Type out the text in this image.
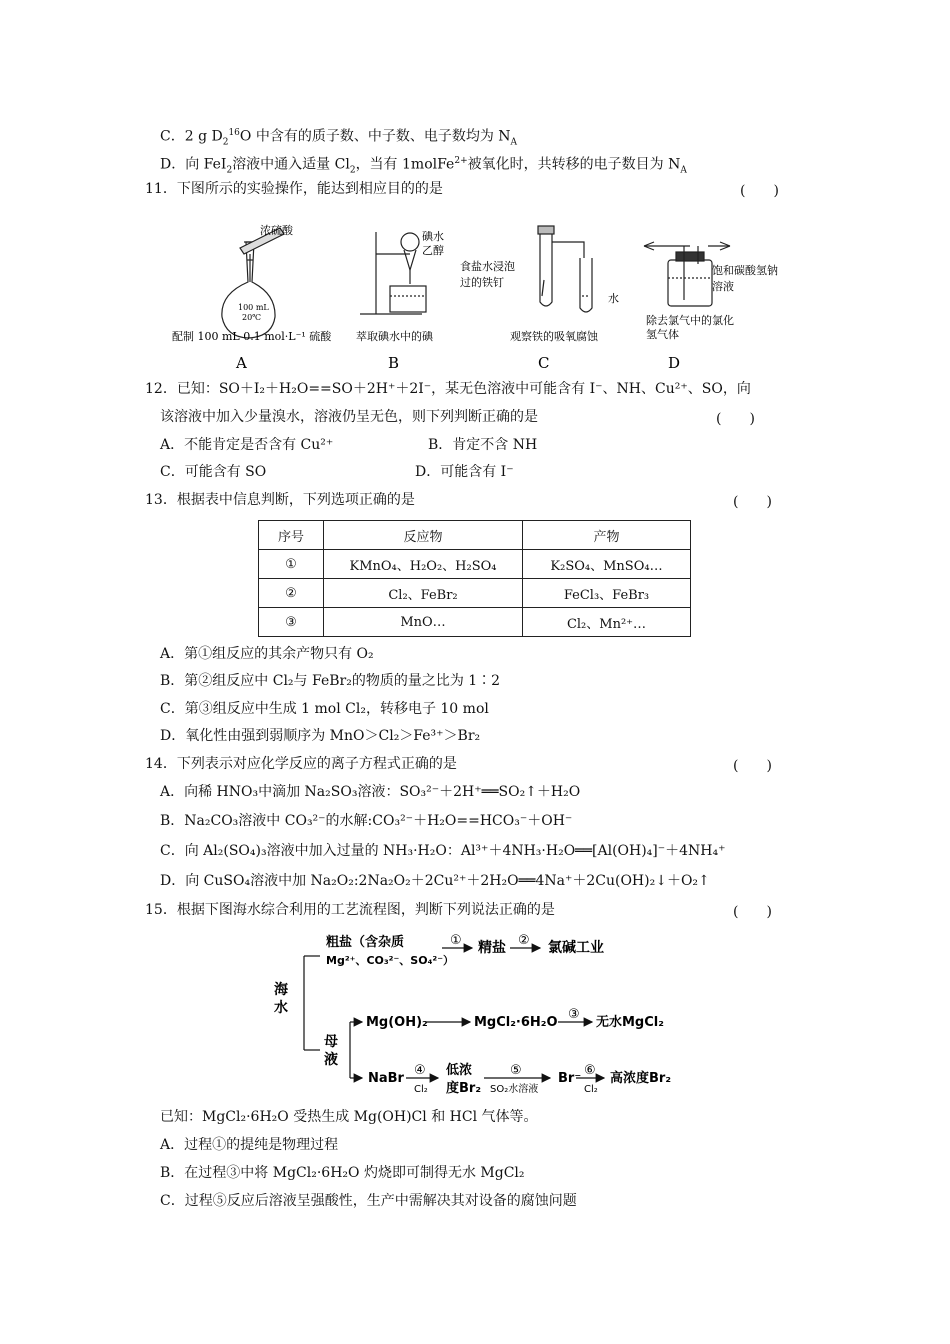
C．2 g $D_2^{16}O$ 中含有的质子数、中子数、电子数均为 $N_A$
D．向 FeI$_2$溶液中通入适量 $Cl_2$，当有 1molFe$^{2+}$被氧化时，共转移的电子数目为 $N_A$
11．下图所示的实验操作，能达到相应目的的是	(　　)
浓硫酸
100 mL
20℃
配制 100 mL 0.1 mol·L⁻¹ 硫酸
A
碘水
乙醇
萃取碘水中的碘
B
食盐水浸泡
过的铁钉
水
观察铁的吸氧腐蚀
C
饱和碳酸氢钠
溶液
除去氯气中的氯化
氢气体
D
12．已知：SO＋I₂＋H₂O==SO＋2H⁺＋2I⁻，某无色溶液中可能含有 I⁻、NH、Cu²⁺、SO，向
该溶液中加入少量溴水，溶液仍呈无色，则下列判断正确的是	(　　)
A．不能肯定是否含有 Cu²⁺	B．肯定不含 NH
C．可能含有 SO	D．可能含有 I⁻
13．根据表中信息判断，下列选项正确的是	(　　)
序号	反应物	产物
①	KMnO₄、H₂O₂、H₂SO₄	K₂SO₄、MnSO₄…
②	Cl₂、FeBr₂	FeCl₃、FeBr₃
③	MnO…	Cl₂、Mn²⁺…
A．第①组反应的其余产物只有 O₂
B．第②组反应中 Cl₂与 FeBr₂的物质的量之比为 1∶2
C．第③组反应中生成 1 mol Cl₂，转移电子 10 mol
D．氧化性由强到弱顺序为 MnO＞Cl₂＞Fe³⁺＞Br₂
14．下列表示对应化学反应的离子方程式正确的是	(　　)
A．向稀 HNO₃中滴加 Na₂SO₃溶液：SO₃²⁻＋2H⁺══SO₂↑＋H₂O
B．Na₂CO₃溶液中 CO₃²⁻的水解:CO₃²⁻＋H₂O==HCO₃⁻＋OH⁻
C．向 Al₂(SO₄)₃溶液中加入过量的 NH₃·H₂O：Al³⁺＋4NH₃·H₂O══[Al(OH)₄]⁻＋4NH₄⁺
D．向 CuSO₄溶液中加 Na₂O₂:2Na₂O₂＋2Cu²⁺＋2H₂O══4Na⁺＋2Cu(OH)₂↓＋O₂↑
15．根据下图海水综合利用的工艺流程图，判断下列说法正确的是	(　　)
海
水
粗盐（含杂质
Mg²⁺、CO₃²⁻、SO₄²⁻）
① 精盐 ② 氯碱工业
母
液
Mg(OH)₂	MgCl₂·6H₂O
③
无水MgCl₂
NaBr
④
Cl₂
低浓
度Br₂
⑤
SO₂水溶液
Br⁻
⑥
Cl₂
高浓度Br₂
已知：MgCl₂·6H₂O 受热生成 Mg(OH)Cl 和 HCl 气体等。
A．过程①的提纯是物理过程
B．在过程③中将 MgCl₂·6H₂O 灼烧即可制得无水 MgCl₂
C．过程⑤反应后溶液呈强酸性，生产中需解决其对设备的腐蚀问题
